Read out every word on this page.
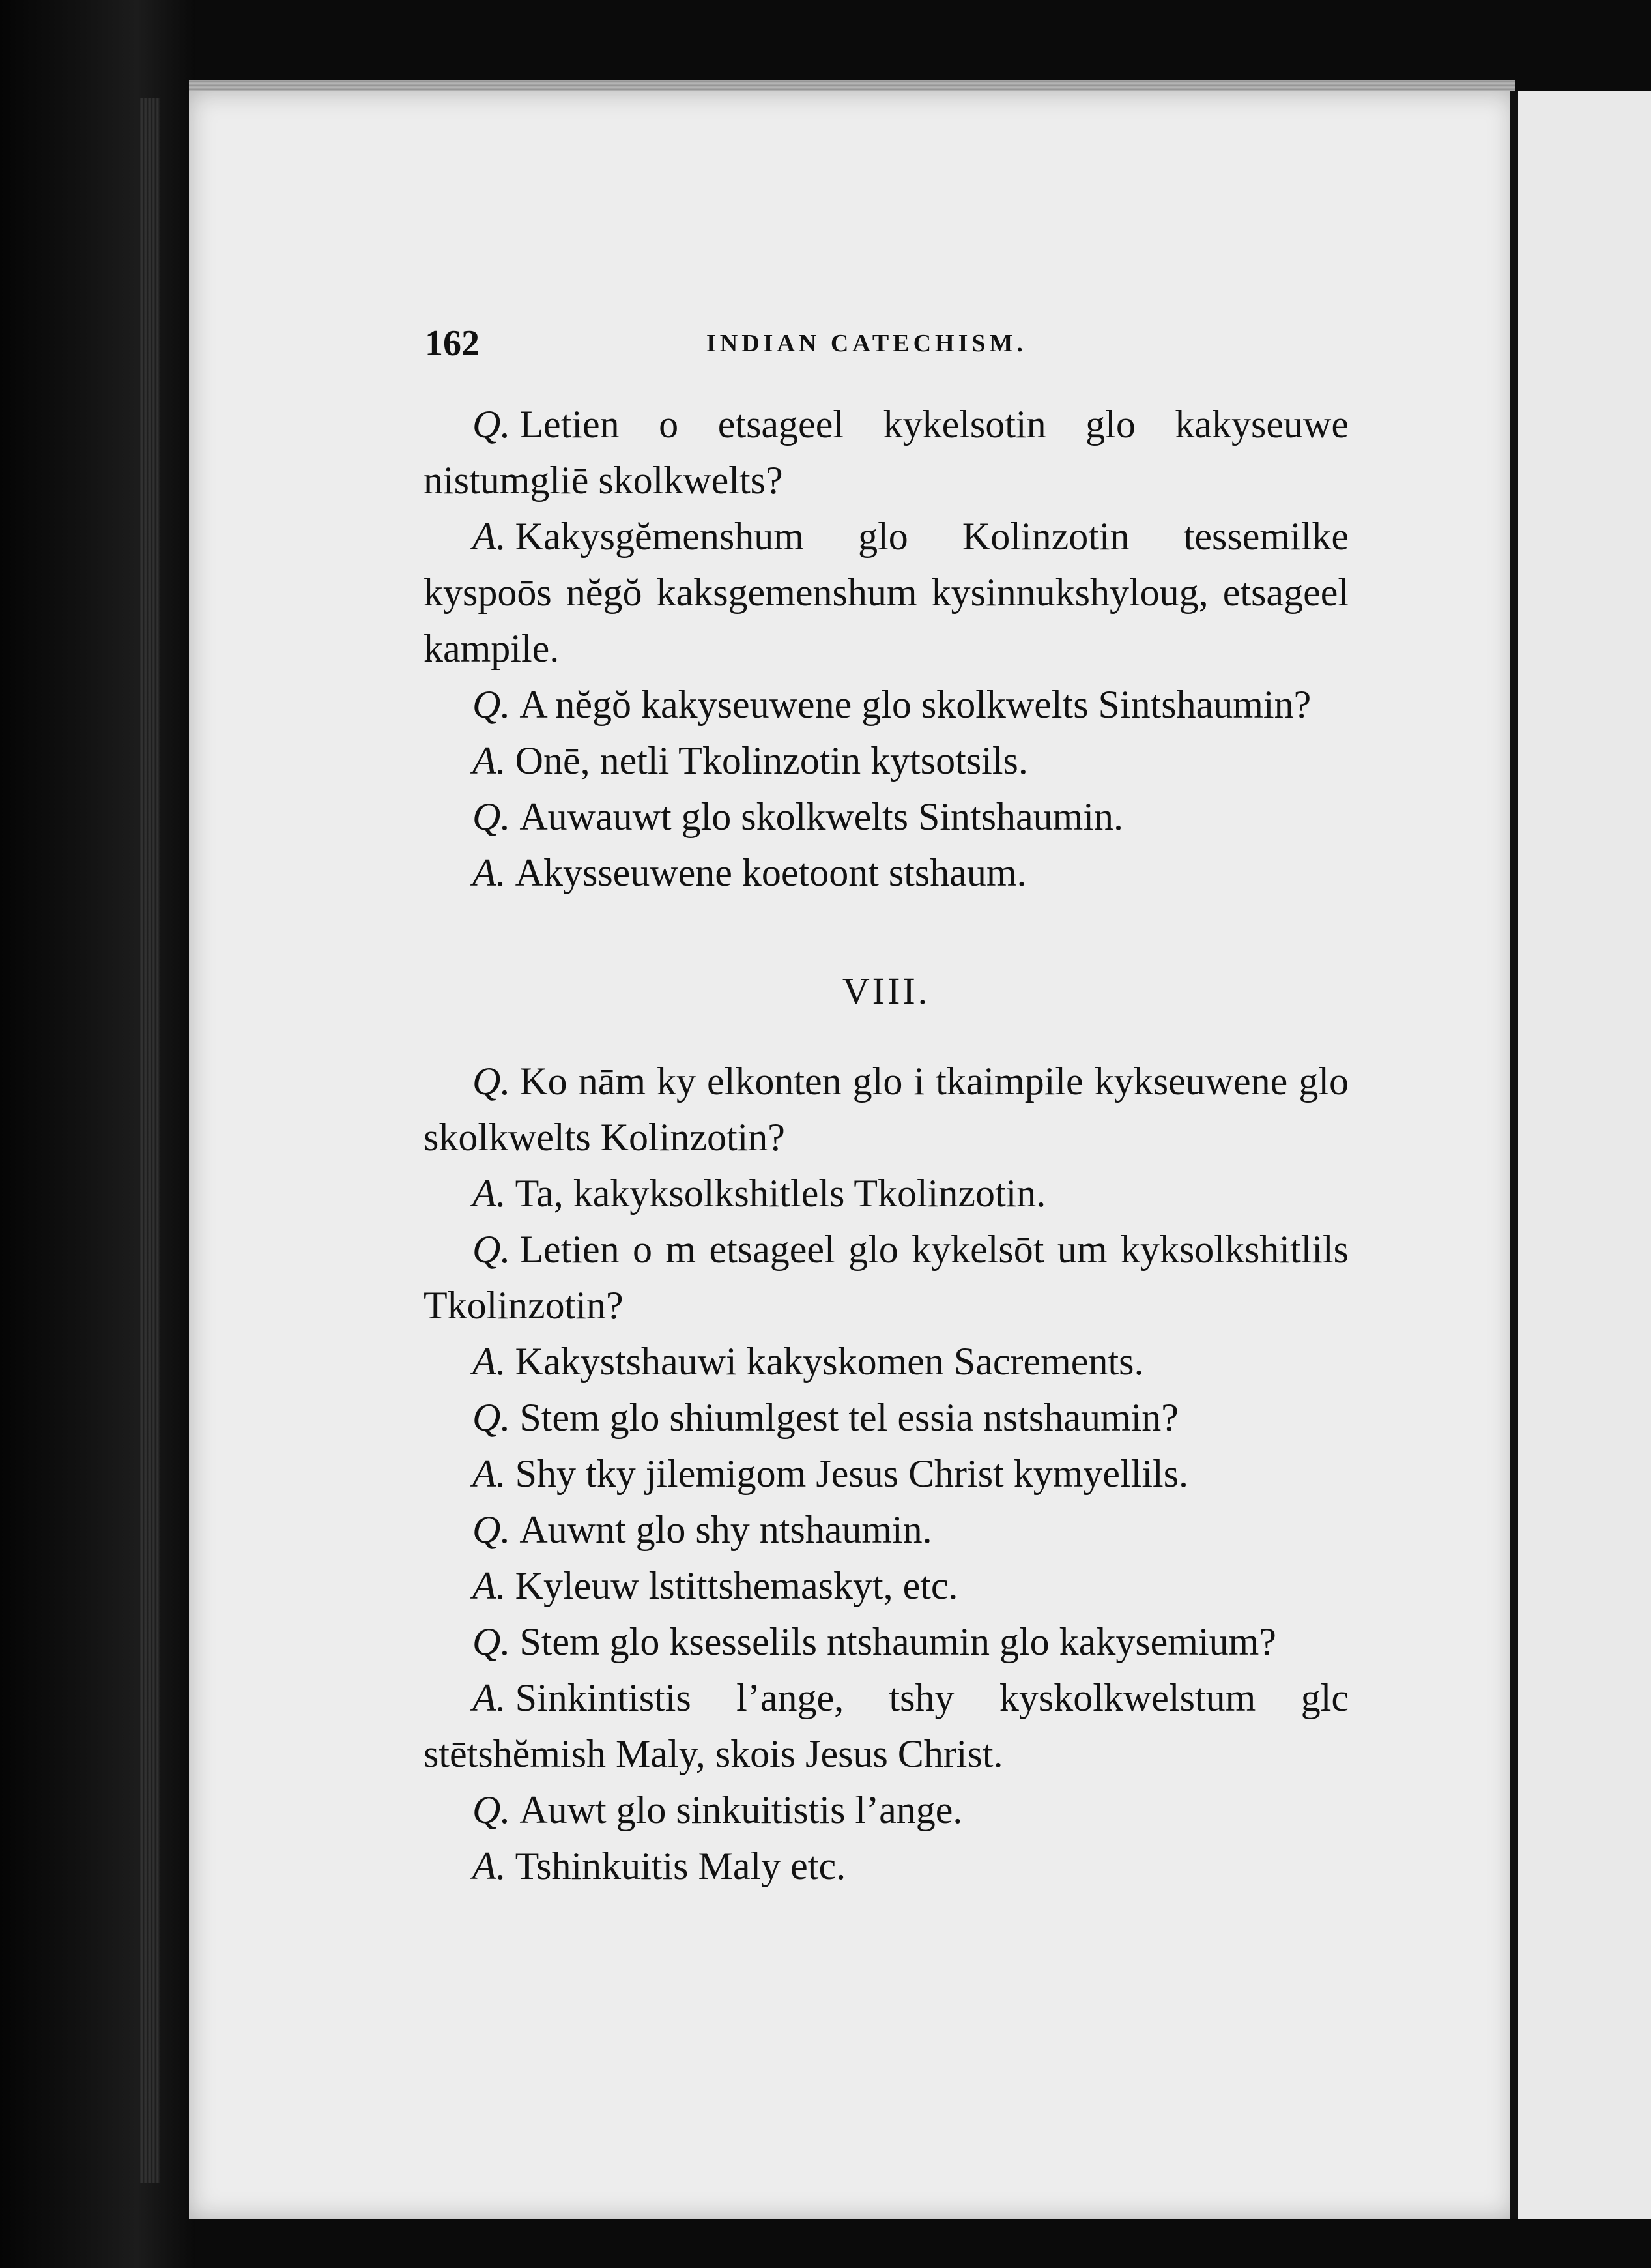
162	INDIAN CATECHISM.

Q. Letien o etsageel kykelsotin glo kakyseuwe nistumgliē skolkwelts?

A. Kakysgĕmenshum glo Kolinzotin tessemilke kyspoōs nĕgŏ kaksgemenshum kysinnukshyloug, etsageel kampile.

Q. A nĕgŏ kakyseuwene glo skolkwelts Sintshaumin?

A. Onē, netli Tkolinzotin kytsotsils.

Q. Auwauwt glo skolkwelts Sintshaumin.

A. Akysseuwene koetoont stshaum.

VIII.

Q. Ko nām ky elkonten glo i tkaimpile kykseuwene glo skolkwelts Kolinzotin?

A. Ta, kakyksolkshitlels Tkolinzotin.

Q. Letien o m etsageel glo kykelsōt um kyksolkshitlils Tkolinzotin?

A. Kakystshauwi kakyskomen Sacrements.

Q. Stem glo shiumlgest tel essia nstshaumin?

A. Shy tky jilemigom Jesus Christ kymyellils.

Q. Auwnt glo shy ntshaumin.

A. Kyleuw lstittshemaskyt, etc.

Q. Stem glo ksesselils ntshaumin glo kakysemium?

A. Sinkintistis l’ange, tshy kyskolkwelstum glc stētshĕmish Maly, skois Jesus Christ.

Q. Auwt glo sinkuitistis l’ange.

A. Tshinkuitis Maly etc.
